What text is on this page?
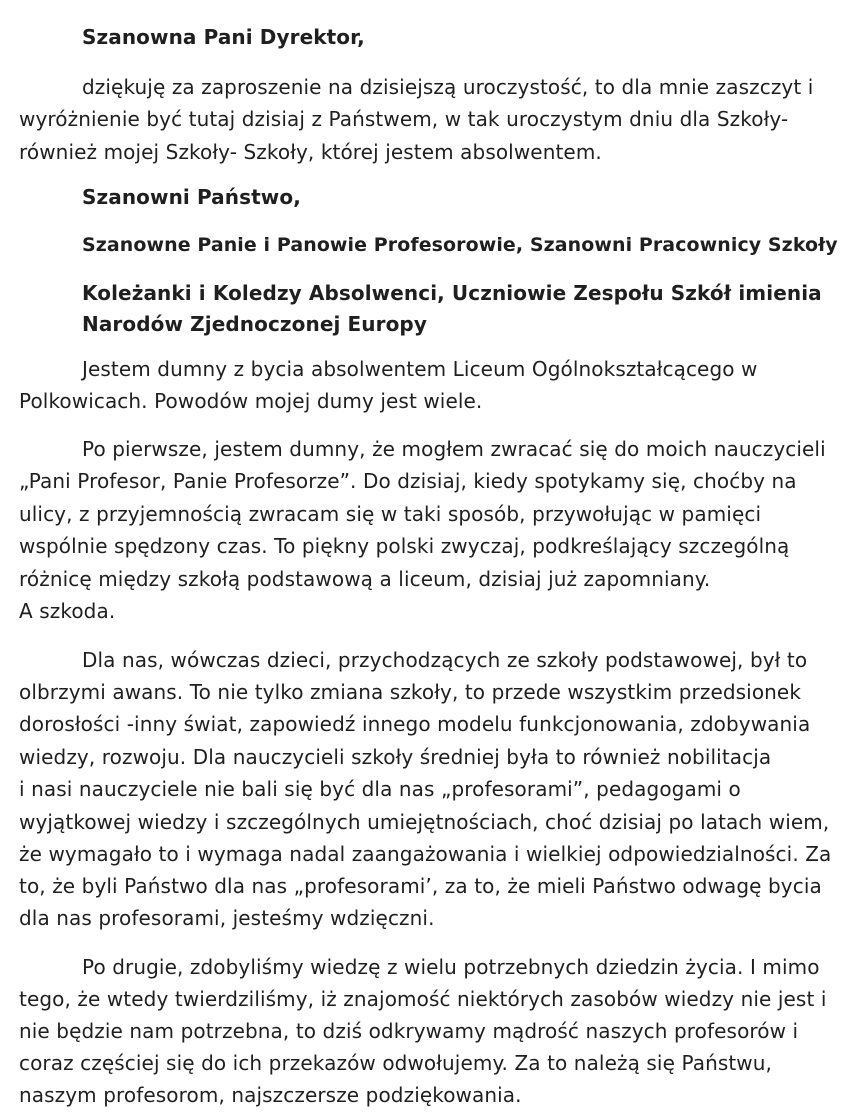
Szanowna Pani Dyrektor,
dziękuję za zaproszenie na dzisiejszą uroczystość, to dla mnie zaszczyt i
wyróżnienie być tutaj dzisiaj z Państwem, w tak uroczystym dniu dla Szkoły-
również mojej Szkoły- Szkoły, której jestem absolwentem.
Szanowni Państwo,
Szanowne Panie i Panowie Profesorowie, Szanowni Pracownicy Szkoły
Koleżanki i Koledzy Absolwenci, Uczniowie Zespołu Szkół imienia
Narodów Zjednoczonej Europy
Jestem dumny z bycia absolwentem Liceum Ogólnokształcącego w
Polkowicach. Powodów mojej dumy jest wiele.
Po pierwsze, jestem dumny, że mogłem zwracać się do moich nauczycieli
„Pani Profesor, Panie Profesorze”. Do dzisiaj, kiedy spotykamy się, choćby na
ulicy, z przyjemnością zwracam się w taki sposób, przywołując w pamięci
wspólnie spędzony czas. To piękny polski zwyczaj, podkreślający szczególną
różnicę między szkołą podstawową a liceum, dzisiaj już zapomniany.
A szkoda.
Dla nas, wówczas dzieci, przychodzących ze szkoły podstawowej, był to
olbrzymi awans. To nie tylko zmiana szkoły, to przede wszystkim przedsionek
dorosłości -inny świat, zapowiedź innego modelu funkcjonowania, zdobywania
wiedzy, rozwoju. Dla nauczycieli szkoły średniej była to również nobilitacja
i nasi nauczyciele nie bali się być dla nas „profesorami”, pedagogami o
wyjątkowej wiedzy i szczególnych umiejętnościach, choć dzisiaj po latach wiem,
że wymagało to i wymaga nadal zaangażowania i wielkiej odpowiedzialności. Za
to, że byli Państwo dla nas „profesorami’, za to, że mieli Państwo odwagę bycia
dla nas profesorami, jesteśmy wdzięczni.
Po drugie, zdobyliśmy wiedzę z wielu potrzebnych dziedzin życia. I mimo
tego, że wtedy twierdziliśmy, iż znajomość niektórych zasobów wiedzy nie jest i
nie będzie nam potrzebna, to dziś odkrywamy mądrość naszych profesorów i
coraz częściej się do ich przekazów odwołujemy. Za to należą się Państwu,
naszym profesorom, najszczersze podziękowania.
